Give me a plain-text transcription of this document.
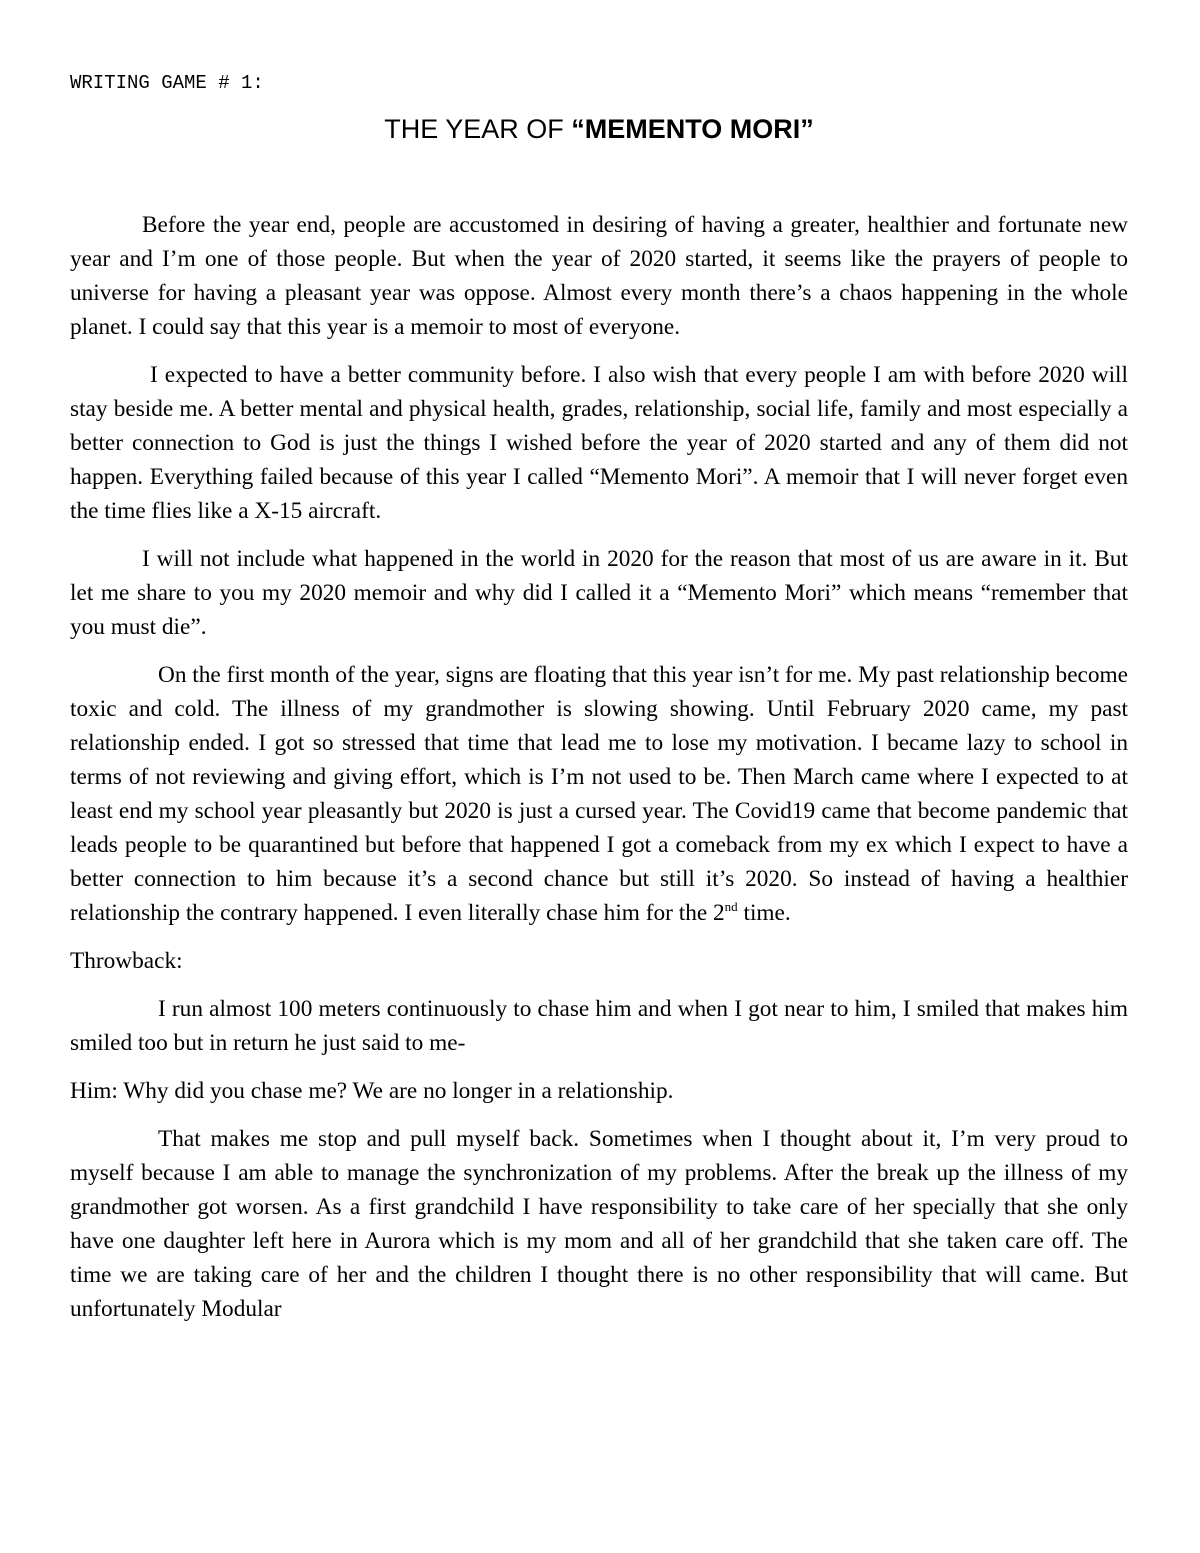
WRITING GAME # 1:

THE YEAR OF “MEMENTO MORI”

Before the year end, people are accustomed in desiring of having a greater, healthier and fortunate new year and I’m one of those people. But when the year of 2020 started, it seems like the prayers of people to universe for having a pleasant year was oppose. Almost every month there’s a chaos happening in the whole planet. I could say that this year is a memoir to most of everyone.

I expected to have a better community before. I also wish that every people I am with before 2020 will stay beside me. A better mental and physical health, grades, relationship, social life, family and most especially a better connection to God is just the things I wished before the year of 2020 started and any of them did not happen. Everything failed because of this year I called “Memento Mori”. A memoir that I will never forget even the time flies like a X-15 aircraft.

I will not include what happened in the world in 2020 for the reason that most of us are aware in it. But let me share to you my 2020 memoir and why did I called it a “Memento Mori” which means “remember that you must die”.

On the first month of the year, signs are floating that this year isn’t for me. My past relationship become toxic and cold. The illness of my grandmother is slowing showing. Until February 2020 came, my past relationship ended. I got so stressed that time that lead me to lose my motivation. I became lazy to school in terms of not reviewing and giving effort, which is I’m not used to be. Then March came where I expected to at least end my school year pleasantly but 2020 is just a cursed year. The Covid19 came that become pandemic that leads people to be quarantined but before that happened I got a comeback from my ex which I expect to have a better connection to him because it’s a second chance but still it’s 2020. So instead of having a healthier relationship the contrary happened. I even literally chase him for the 2nd time.

Throwback:

I run almost 100 meters continuously to chase him and when I got near to him, I smiled that makes him smiled too but in return he just said to me-

Him: Why did you chase me? We are no longer in a relationship.

That makes me stop and pull myself back. Sometimes when I thought about it, I’m very proud to myself because I am able to manage the synchronization of my problems. After the break up the illness of my grandmother got worsen. As a first grandchild I have responsibility to take care of her specially that she only have one daughter left here in Aurora which is my mom and all of her grandchild that she taken care off. The time we are taking care of her and the children I thought there is no other responsibility that will came. But unfortunately Modular
